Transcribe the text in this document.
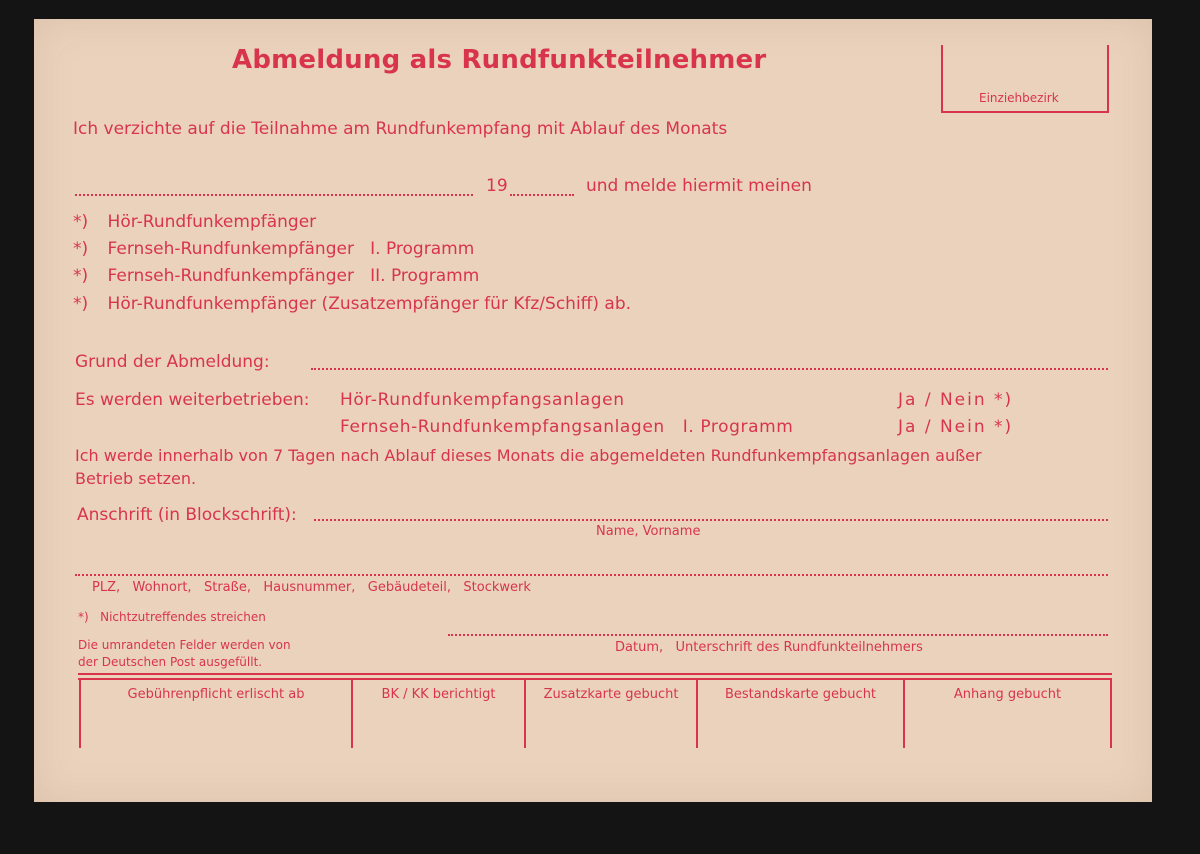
Abmeldung als Rundfunkteilnehmer
Einziehbezirk
Ich verzichte auf die Teilnahme am Rundfunkempfang mit Ablauf des Monats
19	und melde hiermit meinen
*) Hör-Rundfunkempfänger
*) Fernseh-Rundfunkempfänger   I. Programm
*) Fernseh-Rundfunkempfänger   II. Programm
*) Hör-Rundfunkempfänger (Zusatzempfänger für Kfz/Schiff) ab.
Grund der Abmeldung:
Es werden weiterbetrieben: Hör-Rundfunkempfangsanlagen	Ja / Nein *)
Fernseh-Rundfunkempfangsanlagen   I. Programm	Ja / Nein *)
Ich werde innerhalb von 7 Tagen nach Ablauf dieses Monats die abgemeldeten Rundfunkempfangsanlagen außer
Betrieb setzen.
Anschrift (in Blockschrift):
Name, Vorname
PLZ,   Wohnort,   Straße,   Hausnummer,   Gebäudeteil,   Stockwerk
*)   Nichtzutreffendes streichen
Die umrandeten Felder werden von
der Deutschen Post ausgefüllt.
Datum,   Unterschrift des Rundfunkteilnehmers
Gebührenpflicht erlischt ab	BK / KK berichtigt	Zusatzkarte gebucht	Bestandskarte gebucht	Anhang gebucht
